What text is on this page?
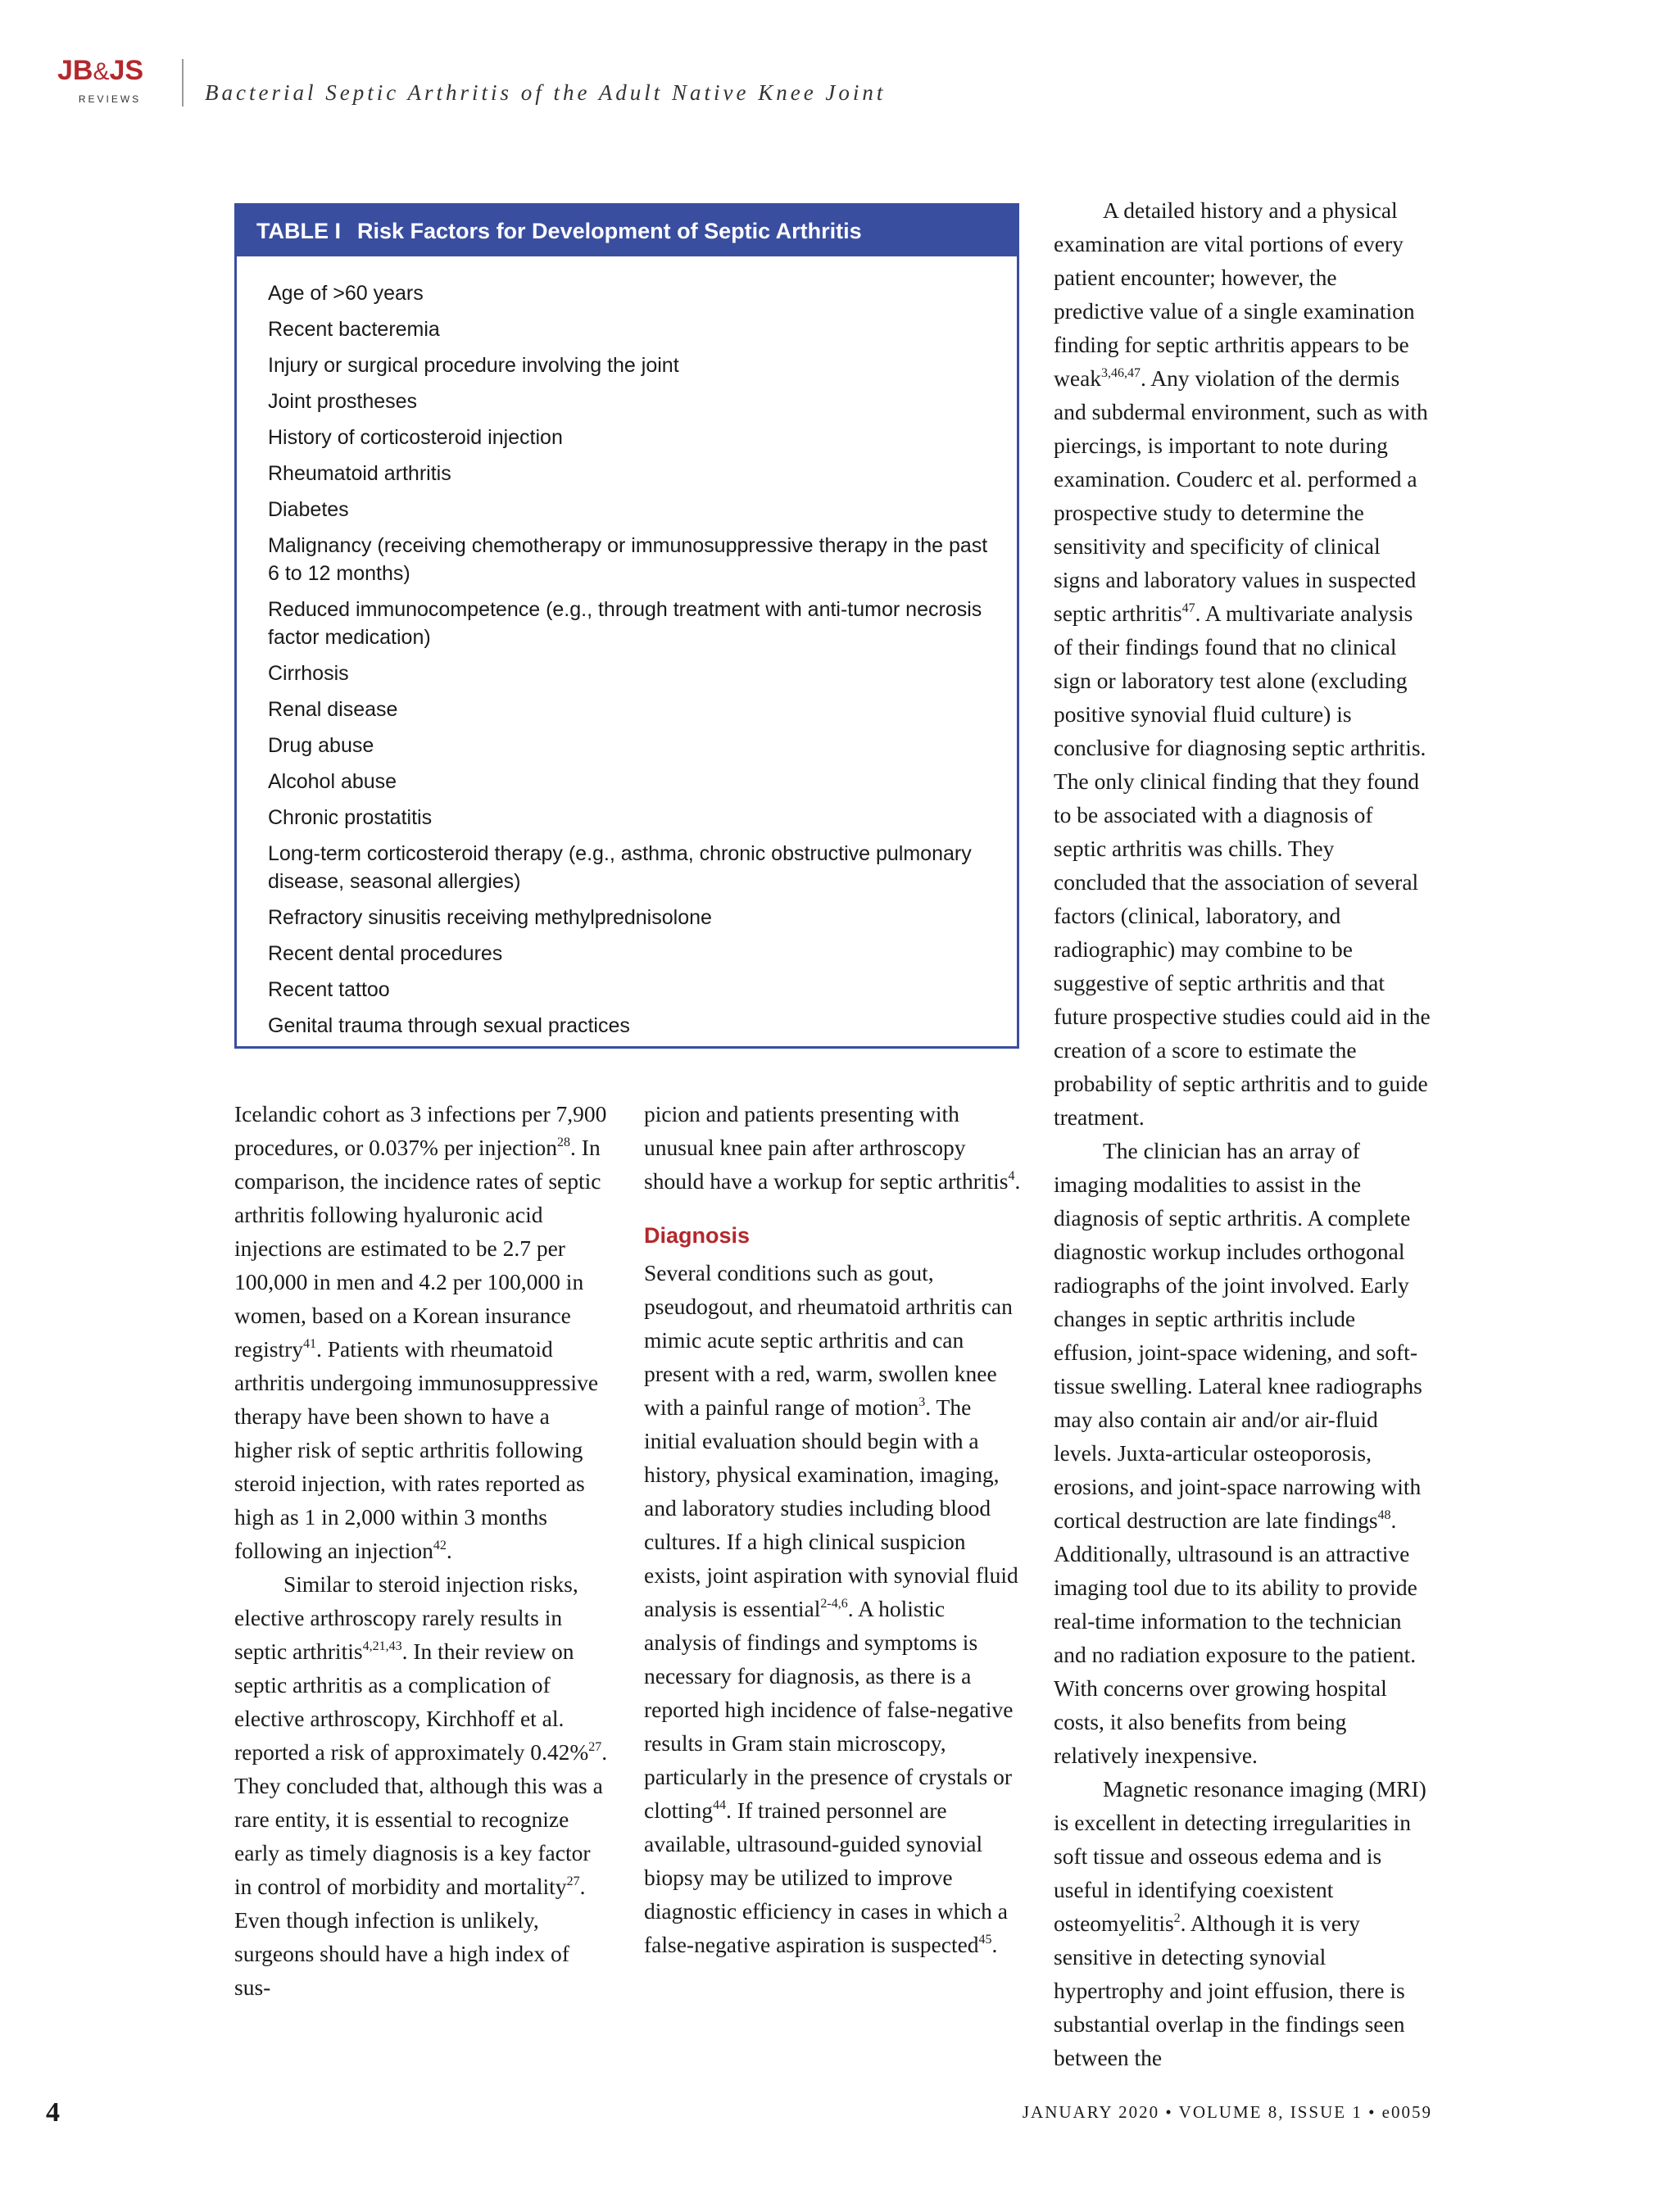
JB&JS
REVIEWS	Bacterial Septic Arthritis of the Adult Native Knee Joint
TABLE I Risk Factors for Development of Septic Arthritis
Age of >60 years
Recent bacteremia
Injury or surgical procedure involving the joint
Joint prostheses
History of corticosteroid injection
Rheumatoid arthritis
Diabetes
Malignancy (receiving chemotherapy or immunosuppressive therapy in the past 6 to 12 months)
Reduced immunocompetence (e.g., through treatment with anti-tumor necrosis factor medication)
Cirrhosis
Renal disease
Drug abuse
Alcohol abuse
Chronic prostatitis
Long-term corticosteroid therapy (e.g., asthma, chronic obstructive pulmonary disease, seasonal allergies)
Refractory sinusitis receiving methylprednisolone
Recent dental procedures
Recent tattoo
Genital trauma through sexual practices

Icelandic cohort as 3 infections per 7,900 procedures, or 0.037% per injection$^{28}$. In comparison, the incidence rates of septic arthritis following hyaluronic acid injections are estimated to be 2.7 per 100,000 in men and 4.2 per 100,000 in women, based on a Korean insurance registry$^{41}$. Patients with rheumatoid arthritis undergoing immunosuppressive therapy have been shown to have a higher risk of septic arthritis following steroid injection, with rates reported as high as 1 in 2,000 within 3 months following an injection$^{42}$.

Similar to steroid injection risks, elective arthroscopy rarely results in septic arthritis$^{4,21,43}$. In their review on septic arthritis as a complication of elective arthroscopy, Kirchhoff et al. reported a risk of approximately 0.42%$^{27}$. They concluded that, although this was a rare entity, it is essential to recognize early as timely diagnosis is a key factor in control of morbidity and mortality$^{27}$. Even though infection is unlikely, surgeons should have a high index of sus-

picion and patients presenting with unusual knee pain after arthroscopy should have a workup for septic arthritis$^4$.

Diagnosis

Several conditions such as gout, pseudogout, and rheumatoid arthritis can mimic acute septic arthritis and can present with a red, warm, swollen knee with a painful range of motion$^3$. The initial evaluation should begin with a history, physical examination, imaging, and laboratory studies including blood cultures. If a high clinical suspicion exists, joint aspiration with synovial fluid analysis is essential$^{2-4,6}$. A holistic analysis of findings and symptoms is necessary for diagnosis, as there is a reported high incidence of false-negative results in Gram stain microscopy, particularly in the presence of crystals or clotting$^{44}$. If trained personnel are available, ultrasound-guided synovial biopsy may be utilized to improve diagnostic efficiency in cases in which a false-negative aspiration is suspected$^{45}$.

A detailed history and a physical examination are vital portions of every patient encounter; however, the predictive value of a single examination finding for septic arthritis appears to be weak$^{3,46,47}$. Any violation of the dermis and subdermal environment, such as with piercings, is important to note during examination. Couderc et al. performed a prospective study to determine the sensitivity and specificity of clinical signs and laboratory values in suspected septic arthritis$^{47}$. A multivariate analysis of their findings found that no clinical sign or laboratory test alone (excluding positive synovial fluid culture) is conclusive for diagnosing septic arthritis. The only clinical finding that they found to be associated with a diagnosis of septic arthritis was chills. They concluded that the association of several factors (clinical, laboratory, and radiographic) may combine to be suggestive of septic arthritis and that future prospective studies could aid in the creation of a score to estimate the probability of septic arthritis and to guide treatment.

The clinician has an array of imaging modalities to assist in the diagnosis of septic arthritis. A complete diagnostic workup includes orthogonal radiographs of the joint involved. Early changes in septic arthritis include effusion, joint-space widening, and soft-tissue swelling. Lateral knee radiographs may also contain air and/or air-fluid levels. Juxta-articular osteoporosis, erosions, and joint-space narrowing with cortical destruction are late findings$^{48}$. Additionally, ultrasound is an attractive imaging tool due to its ability to provide real-time information to the technician and no radiation exposure to the patient. With concerns over growing hospital costs, it also benefits from being relatively inexpensive.

Magnetic resonance imaging (MRI) is excellent in detecting irregularities in soft tissue and osseous edema and is useful in identifying coexistent osteomyelitis$^2$. Although it is very sensitive in detecting synovial hypertrophy and joint effusion, there is substantial overlap in the findings seen between the

4	JANUARY 2020 • VOLUME 8, ISSUE 1 • e0059
